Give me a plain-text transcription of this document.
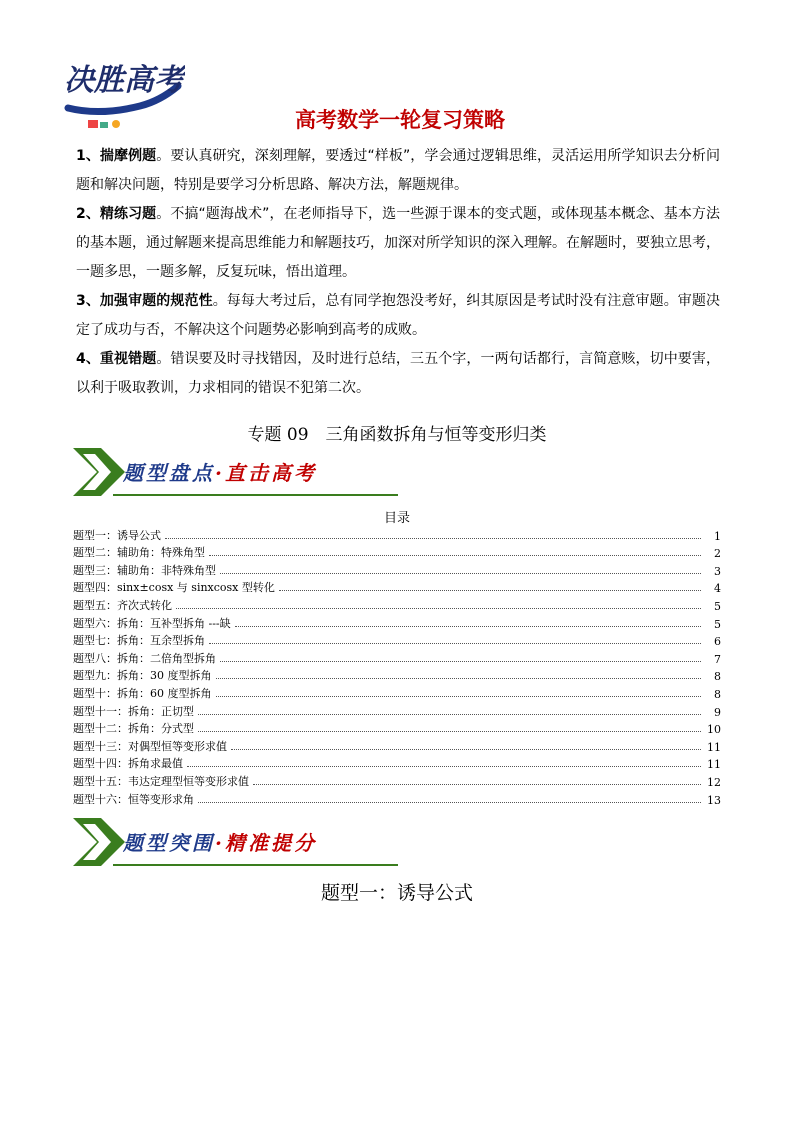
决胜高考
高考数学一轮复习策略

1、揣摩例题。要认真研究，深刻理解，要透过“样板”，学会通过逻辑思维，灵活运用所学知识去分析问题和解决问题，特别是要学习分析思路、解决方法，解题规律。

2、精练习题。不搞“题海战术”，在老师指导下，选一些源于课本的变式题，或体现基本概念、基本方法的基本题，通过解题来提高思维能力和解题技巧，加深对所学知识的深入理解。在解题时，要独立思考，一题多思，一题多解，反复玩味，悟出道理。

3、加强审题的规范性。每每大考过后，总有同学抱怨没考好，纠其原因是考试时没有注意审题。审题决定了成功与否，不解决这个问题势必影响到高考的成败。

4、重视错题。错误要及时寻找错因，及时进行总结，三五个字，一两句话都行，言简意赅，切中要害，以利于吸取教训，力求相同的错误不犯第二次。

专题 09　三角函数拆角与恒等变形归类
题型盘点·直击高考
目录
题型一：诱导公式	1
题型二：辅助角：特殊角型	2
题型三：辅助角：非特殊角型	3
题型四：sinx±cosx 与 sinxcosx 型转化	4
题型五：齐次式转化	5
题型六：拆角：互补型拆角 ---缺	5
题型七：拆角：互余型拆角	6
题型八：拆角：二倍角型拆角	7
题型九：拆角：30 度型拆角	8
题型十：拆角：60 度型拆角	8
题型十一：拆角：正切型	9
题型十二：拆角：分式型	10
题型十三：对偶型恒等变形求值	11
题型十四：拆角求最值	11
题型十五：韦达定理型恒等变形求值	12
题型十六：恒等变形求角	13
题型突围·精准提分
题型一：诱导公式
